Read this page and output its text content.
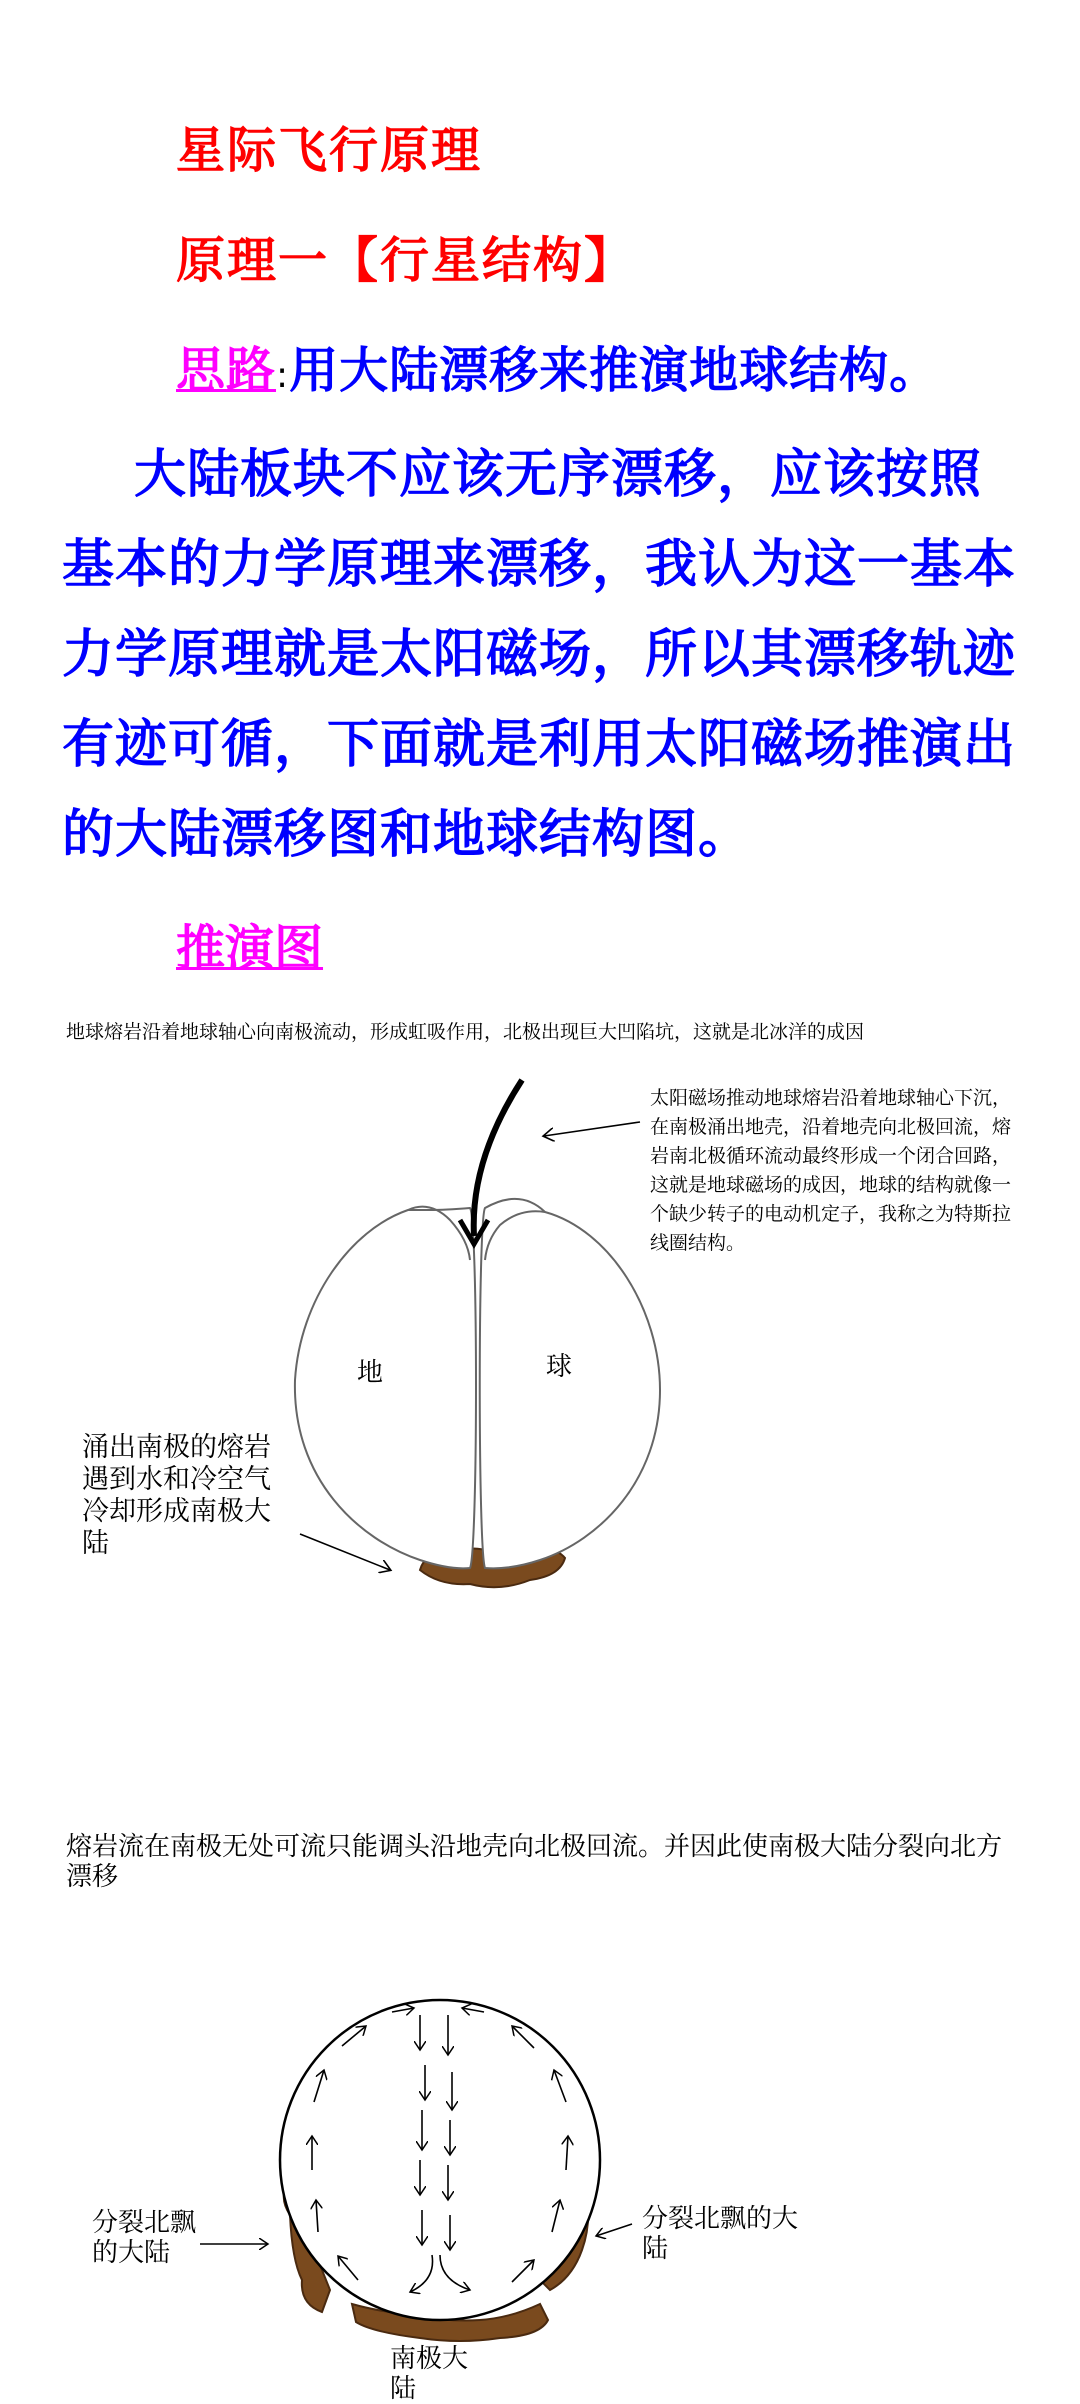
星际飞行原理
原理一【行星结构】
思路:用大陆漂移来推演地球结构。
大陆板块不应该无序漂移，应该按照基本的力学原理来漂移，我认为这一基本力学原理就是太阳磁场，所以其漂移轨迹有迹可循，下面就是利用太阳磁场推演出的大陆漂移图和地球结构图。
推演图
地球熔岩沿着地球轴心向南极流动，形成虹吸作用，北极出现巨大凹陷坑，这就是北冰洋的成因
太阳磁场推动地球熔岩沿着地球轴心下沉，在南极涌出地壳，沿着地壳向北极回流，熔岩南北极循环流动最终形成一个闭合回路，这就是地球磁场的成因，地球的结构就像一个缺少转子的电动机定子，我称之为特斯拉线圈结构。
涌出南极的熔岩遇到水和冷空气冷却形成南极大陆
地	球
熔岩流在南极无处可流只能调头沿地壳向北极回流。并因此使南极大陆分裂向北方漂移
分裂北飘的大陆
分裂北飘的大陆
南极大陆
